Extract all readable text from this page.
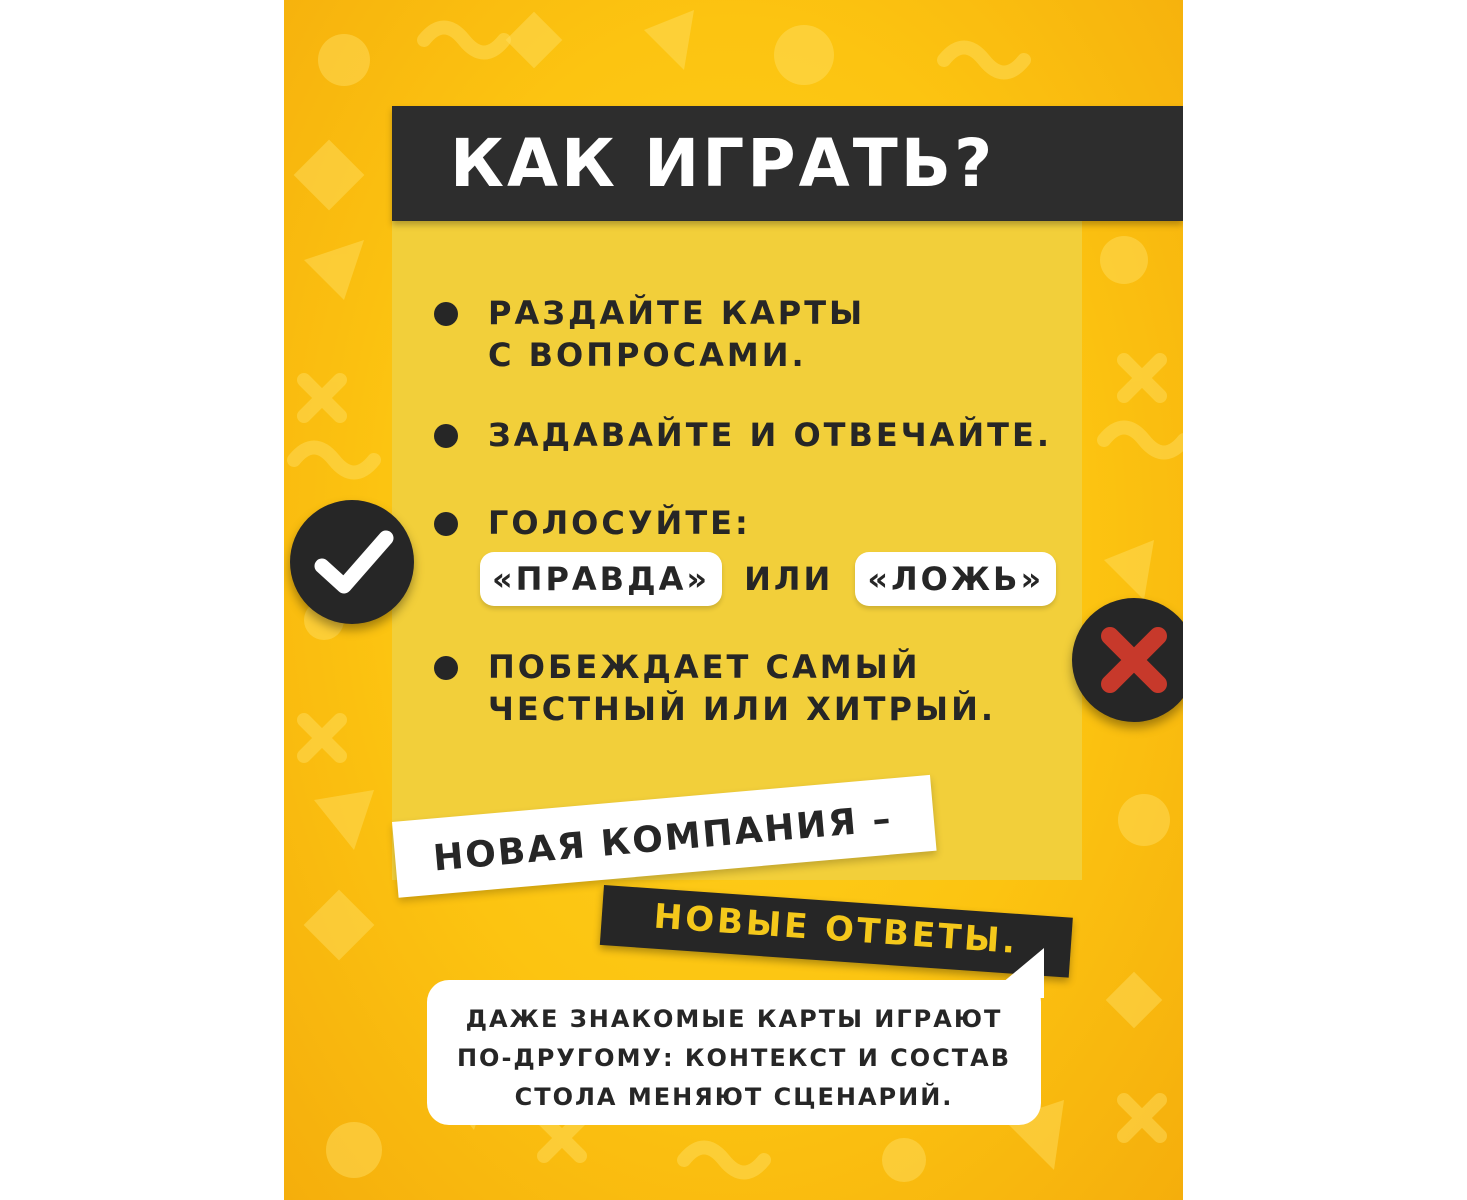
КАК ИГРАТЬ?
РАЗДАЙТЕ КАРТЫ
С ВОПРОСАМИ.
ЗАДАВАЙТЕ И ОТВЕЧАЙТЕ.
ГОЛОСУЙТЕ:
«ПРАВДА» ИЛИ «ЛОЖЬ»
ПОБЕЖДАЕТ САМЫЙ
ЧЕСТНЫЙ ИЛИ ХИТРЫЙ.
НОВАЯ КОМПАНИЯ –
НОВЫЕ ОТВЕТЫ.
ДАЖЕ ЗНАКОМЫЕ КАРТЫ ИГРАЮТ
ПО-ДРУГОМУ: КОНТЕКСТ И СОСТАВ
СТОЛА МЕНЯЮТ СЦЕНАРИЙ.
